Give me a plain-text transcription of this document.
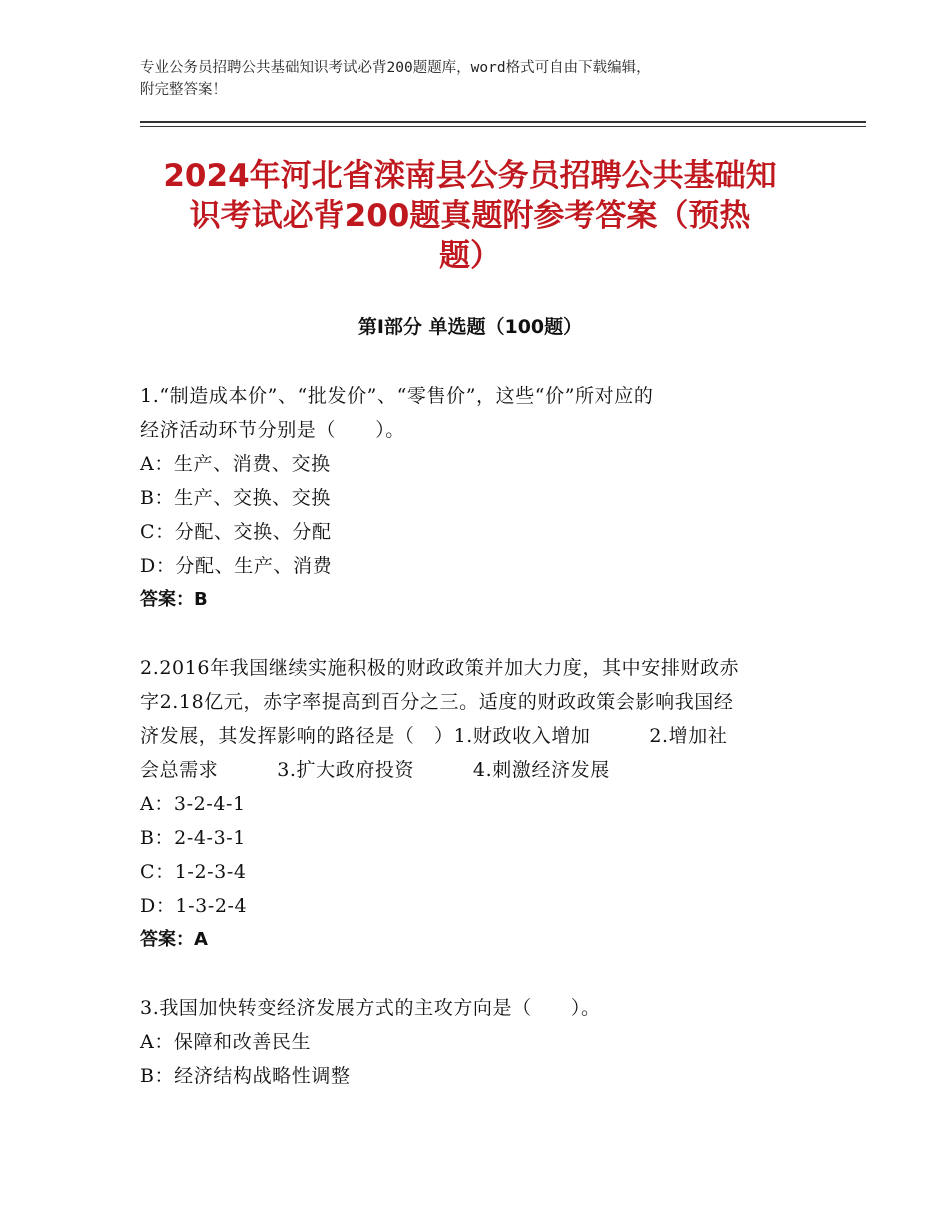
专业公务员招聘公共基础知识考试必背200题题库，word格式可自由下载编辑，
附完整答案！
2024年河北省滦南县公务员招聘公共基础知
识考试必背200题真题附参考答案（预热
题）
第Ⅰ部分 单选题（100题）
1.“制造成本价”、“批发价”、“零售价”，这些“价”所对应的
经济活动环节分别是（　　）。
A：生产、消费、交换
B：生产、交换、交换
C：分配、交换、分配
D：分配、生产、消费
答案：B
2.2016年我国继续实施积极的财政政策并加大力度，其中安排财政赤
字2.18亿元，赤字率提高到百分之三。适度的财政政策会影响我国经
济发展，其发挥影响的路径是（　）1.财政收入增加　　　2.增加社
会总需求　　　3.扩大政府投资　　　4.刺激经济发展
A：3-2-4-1
B：2-4-3-1
C：1-2-3-4
D：1-3-2-4
答案：A
3.我国加快转变经济发展方式的主攻方向是（　　）。
A：保障和改善民生
B：经济结构战略性调整
